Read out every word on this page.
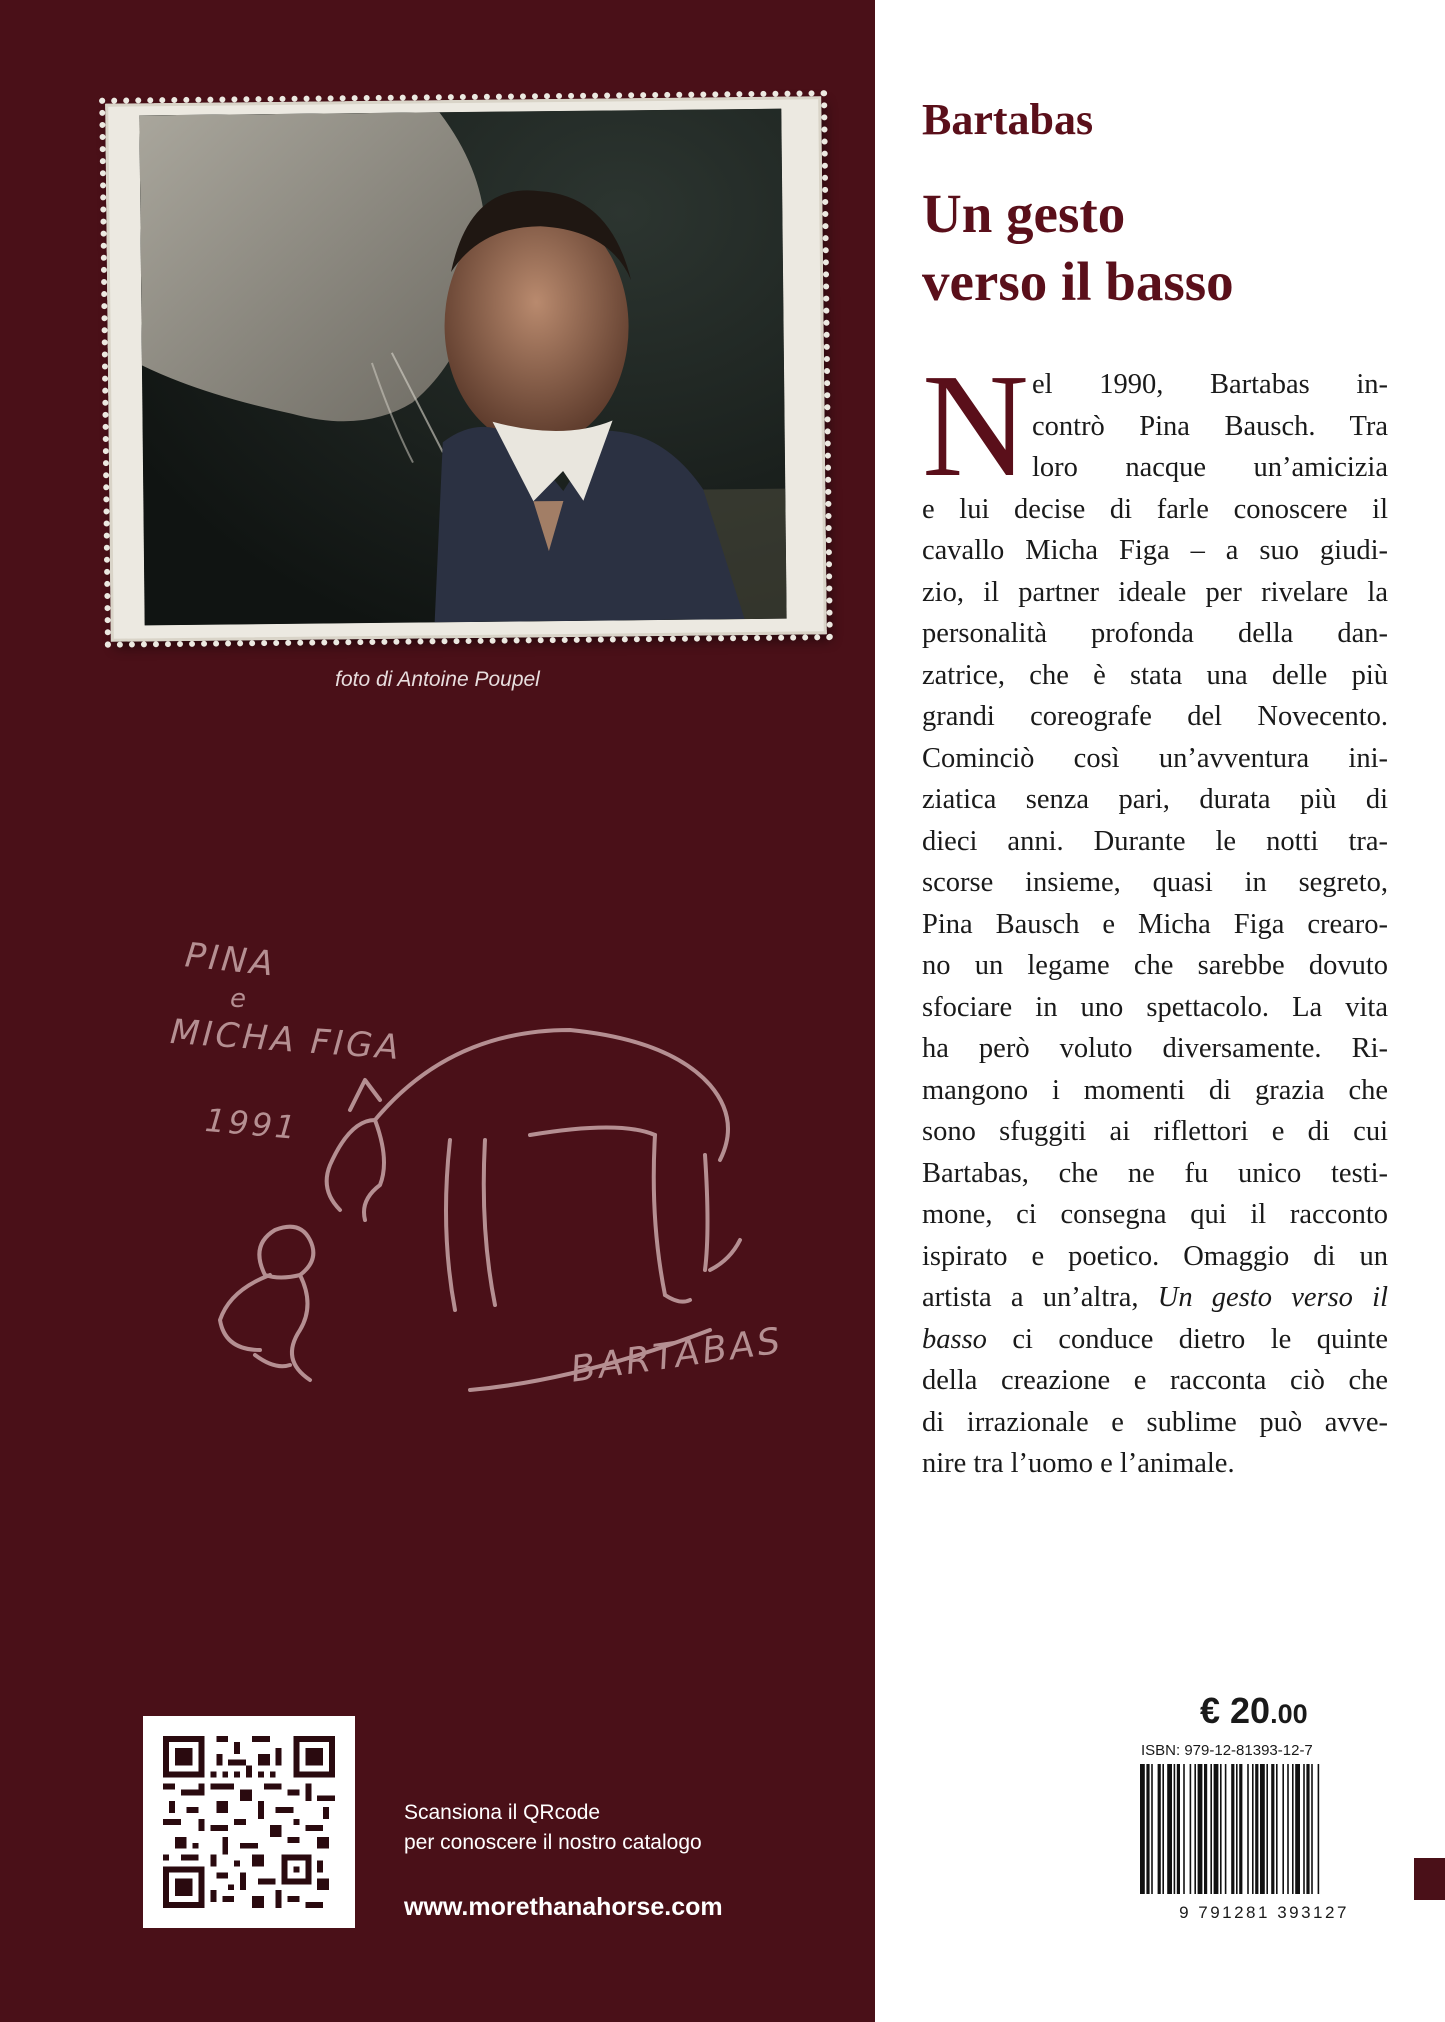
foto di Antoine Poupel
PINA
e
MICHA FIGA
1991
BARTABAS
Scansiona il QRcode
per conoscere il nostro catalogo
www.morethanahorse.com
Bartabas
Un gesto
verso il basso
N el 1990, Bartabas in-
contrò Pina Bausch. Tra
loro nacque un’amicizia
e lui decise di farle conoscere il
cavallo Micha Figa – a suo giudi-
zio, il partner ideale per rivelare la
personalità profonda della dan-
zatrice, che è stata una delle più
grandi coreografe del Novecento.
Cominciò così un’avventura ini-
ziatica senza pari, durata più di
dieci anni. Durante le notti tra-
scorse insieme, quasi in segreto,
Pina Bausch e Micha Figa crearo-
no un legame che sarebbe dovuto
sfociare in uno spettacolo. La vita
ha però voluto diversamente. Ri-
mangono i momenti di grazia che
sono sfuggiti ai riflettori e di cui
Bartabas, che ne fu unico testi-
mone, ci consegna qui il racconto
ispirato e poetico. Omaggio di un
artista a un’altra, Un gesto verso il
basso ci conduce dietro le quinte
della creazione e racconta ciò che
di irrazionale e sublime può avve-
nire tra l’uomo e l’animale.
€ 20.00
ISBN: 979-12-81393-12-7
9 791281 393127
